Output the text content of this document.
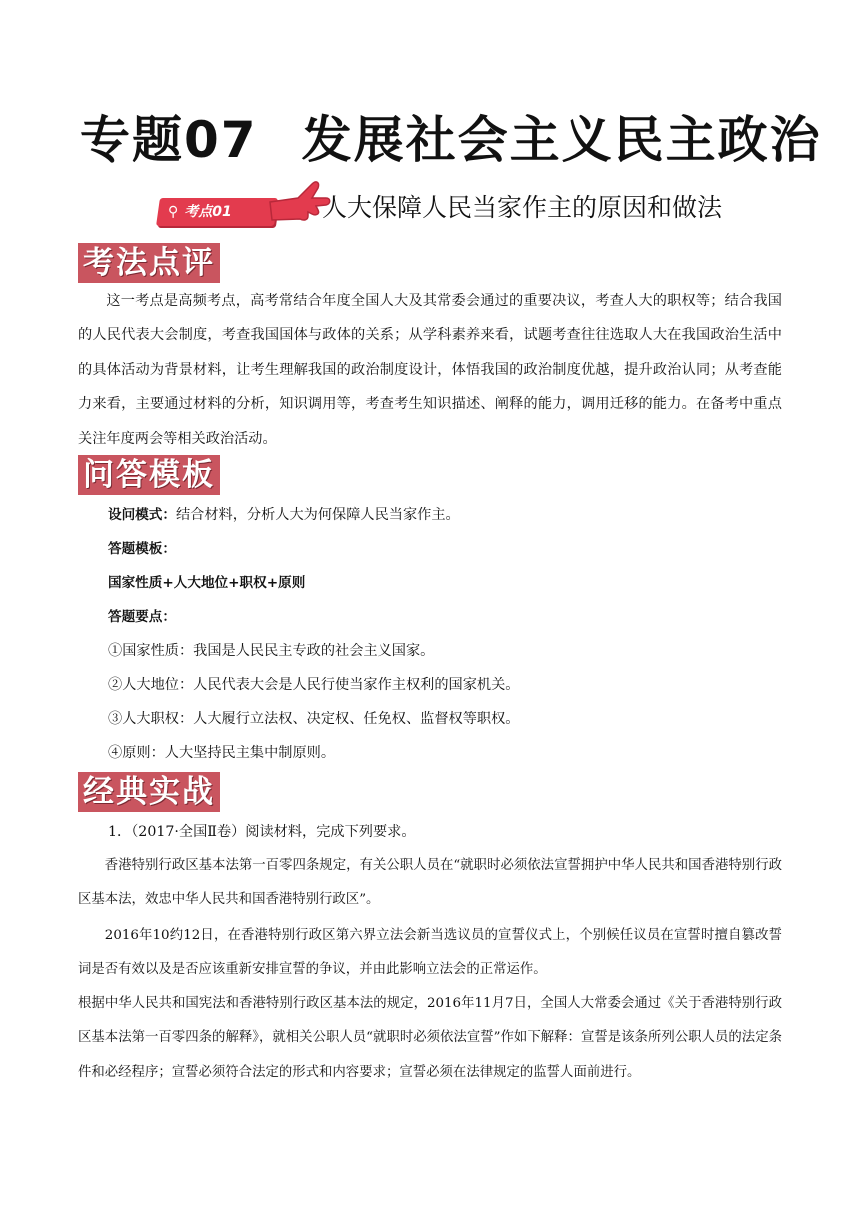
专题07 发展社会主义民主政治
⚲ 考点01	人大保障人民当家作主的原因和做法
考法点评

这一考点是高频考点，高考常结合年度全国人大及其常委会通过的重要决议，考查人大的职权等；结合我国的人民代表大会制度，考查我国国体与政体的关系；从学科素养来看，试题考查往往选取人大在我国政治生活中的具体活动为背景材料，让考生理解我国的政治制度设计，体悟我国的政治制度优越，提升政治认同；从考查能力来看，主要通过材料的分析，知识调用等，考查考生知识描述、阐释的能力，调用迁移的能力。在备考中重点关注年度两会等相关政治活动。

问答模板
设问模式：结合材料，分析人大为何保障人民当家作主。
答题模板：
国家性质+人大地位+职权+原则
答题要点：
①国家性质：我国是人民民主专政的社会主义国家。
②人大地位：人民代表大会是人民行使当家作主权利的国家机关。
③人大职权：人大履行立法权、决定权、任免权、监督权等职权。
④原则：人大坚持民主集中制原则。
经典实战
1．（2017·全国Ⅱ卷）阅读材料，完成下列要求。

香港特别行政区基本法第一百零四条规定，有关公职人员在“就职时必须依法宣誓拥护中华人民共和国香港特别行政区基本法，效忠中华人民共和国香港特别行政区”。

2016年10约12日，在香港特别行政区第六界立法会新当选议员的宣誓仪式上，个别候任议员在宣誓时擅自篡改誓词是否有效以及是否应该重新安排宣誓的争议，并由此影响立法会的正常运作。

根据中华人民共和国宪法和香港特别行政区基本法的规定，2016年11月7日，全国人大常委会通过《关于香港特别行政区基本法第一百零四条的解释》，就相关公职人员“就职时必须依法宣誓”作如下解释：宣誓是该条所列公职人员的法定条件和必经程序；宣誓必须符合法定的形式和内容要求；宣誓必须在法律规定的监誓人面前进行。
